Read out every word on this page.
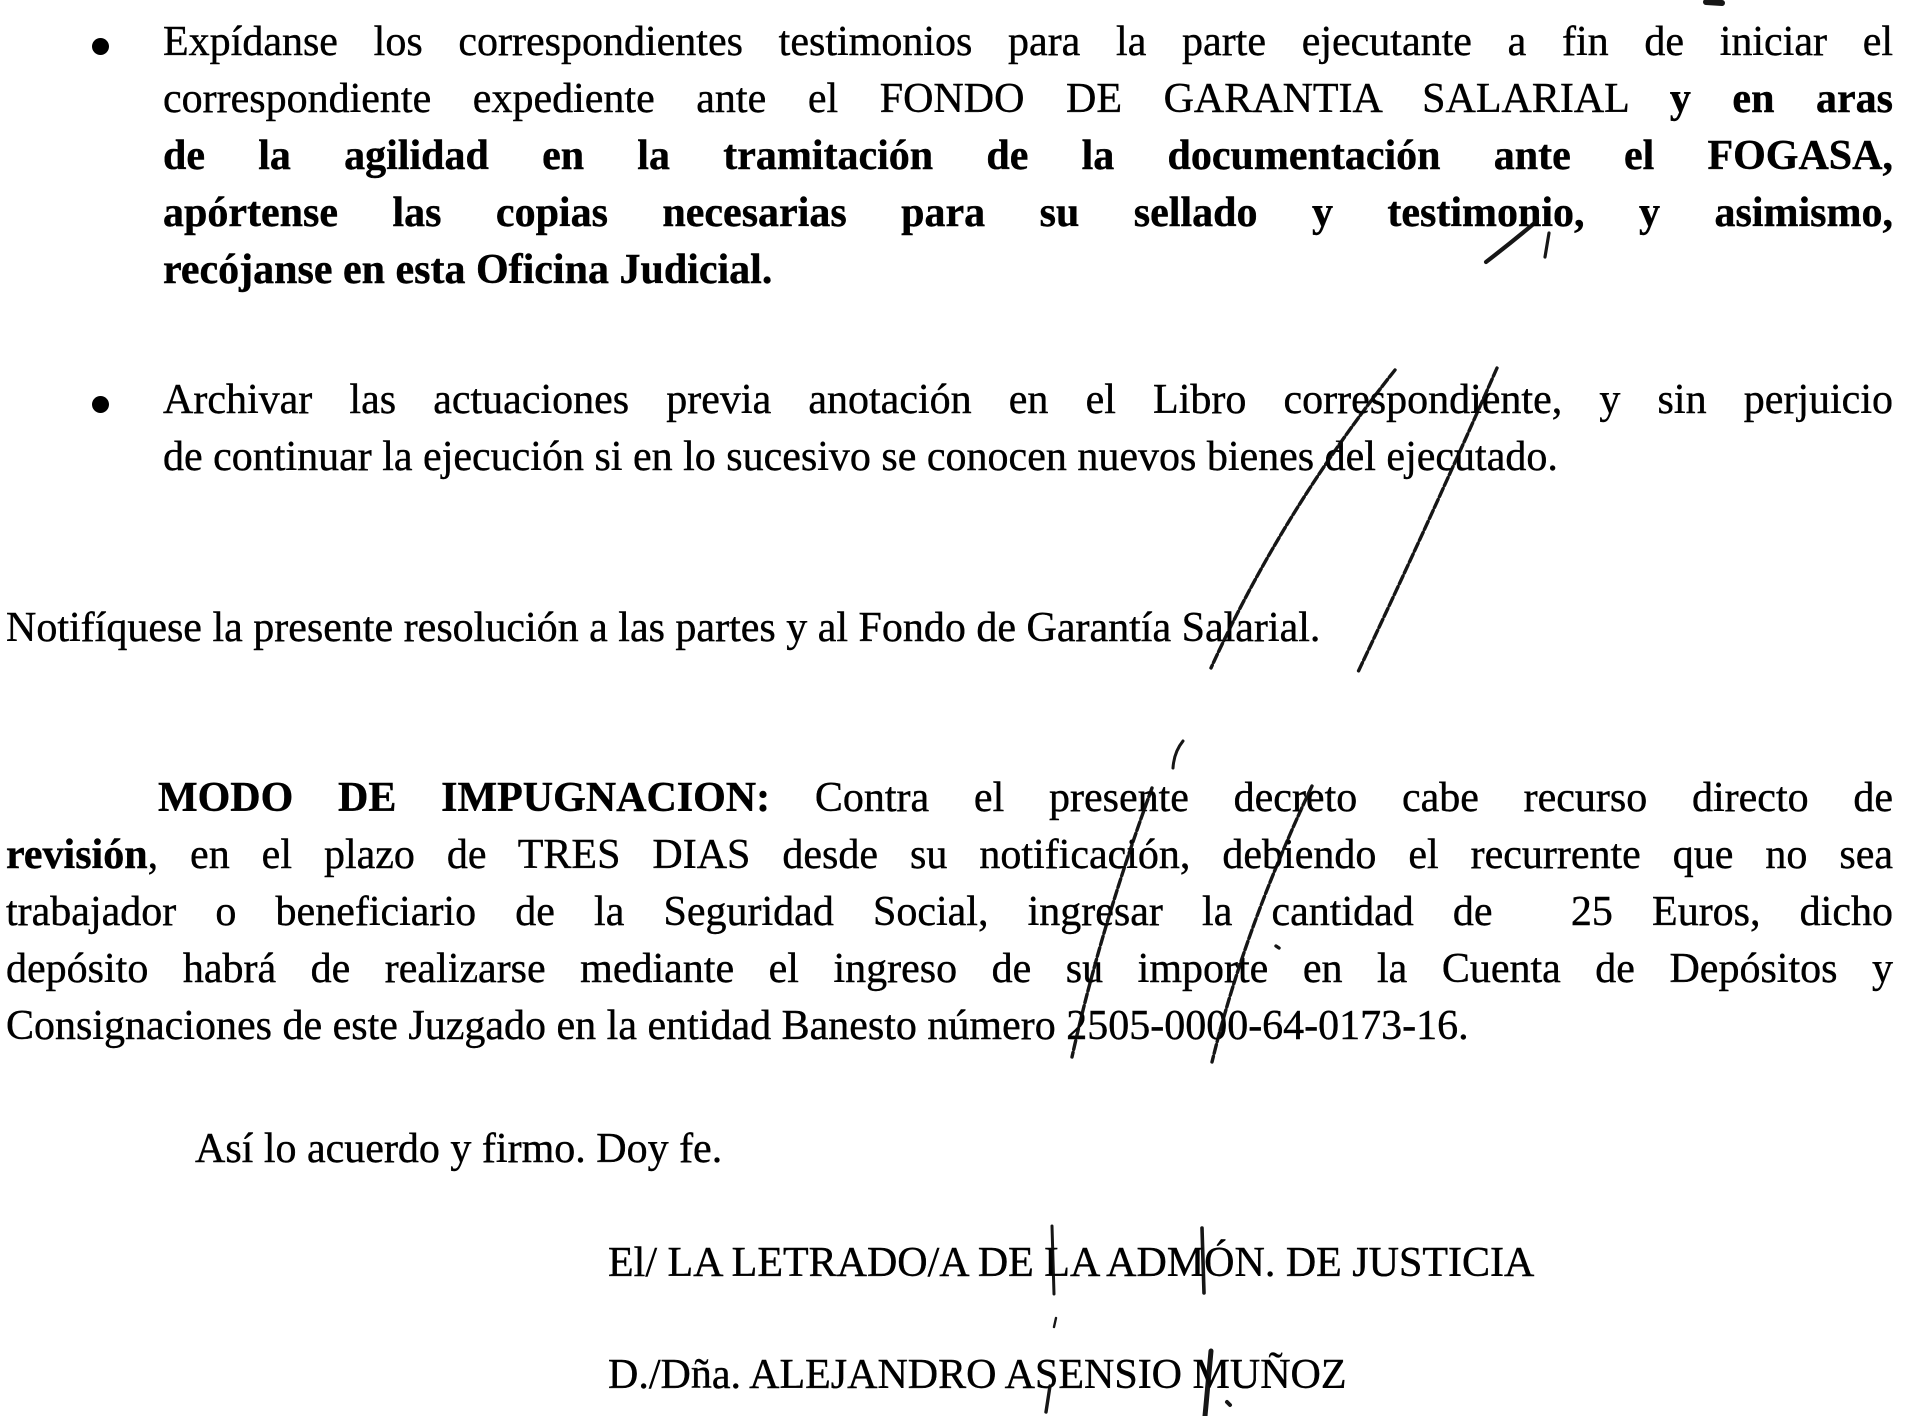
Expídanse los correspondientes testimonios para la parte ejecutante a fin de iniciar el
correspondiente expediente ante el FONDO DE GARANTIA SALARIAL y en aras
de la agilidad en la tramitación de la documentación ante el FOGASA,
apórtense las copias necesarias para su sellado y testimonio, y asimismo,
recójanse en esta Oficina Judicial.
Archivar las actuaciones previa anotación en el Libro correspondiente, y sin perjuicio
de continuar la ejecución si en lo sucesivo se conocen nuevos bienes del ejecutado.
Notifíquese la presente resolución a las partes y al Fondo de Garantía Salarial.
MODO DE IMPUGNACION: Contra el presente decreto cabe recurso directo de
revisión, en el plazo de TRES DIAS desde su notificación, debiendo el recurrente que no sea
trabajador o beneficiario de la Seguridad Social, ingresar la cantidad de  25 Euros, dicho
depósito habrá de realizarse mediante el ingreso de su importe en la Cuenta de Depósitos y
Consignaciones de este Juzgado en la entidad Banesto número 2505-0000-64-0173-16.
Así lo acuerdo y firmo. Doy fe.
El/ LA LETRADO/A DE LA ADMÓN. DE JUSTICIA
D./Dña. ALEJANDRO ASENSIO MUÑOZ
